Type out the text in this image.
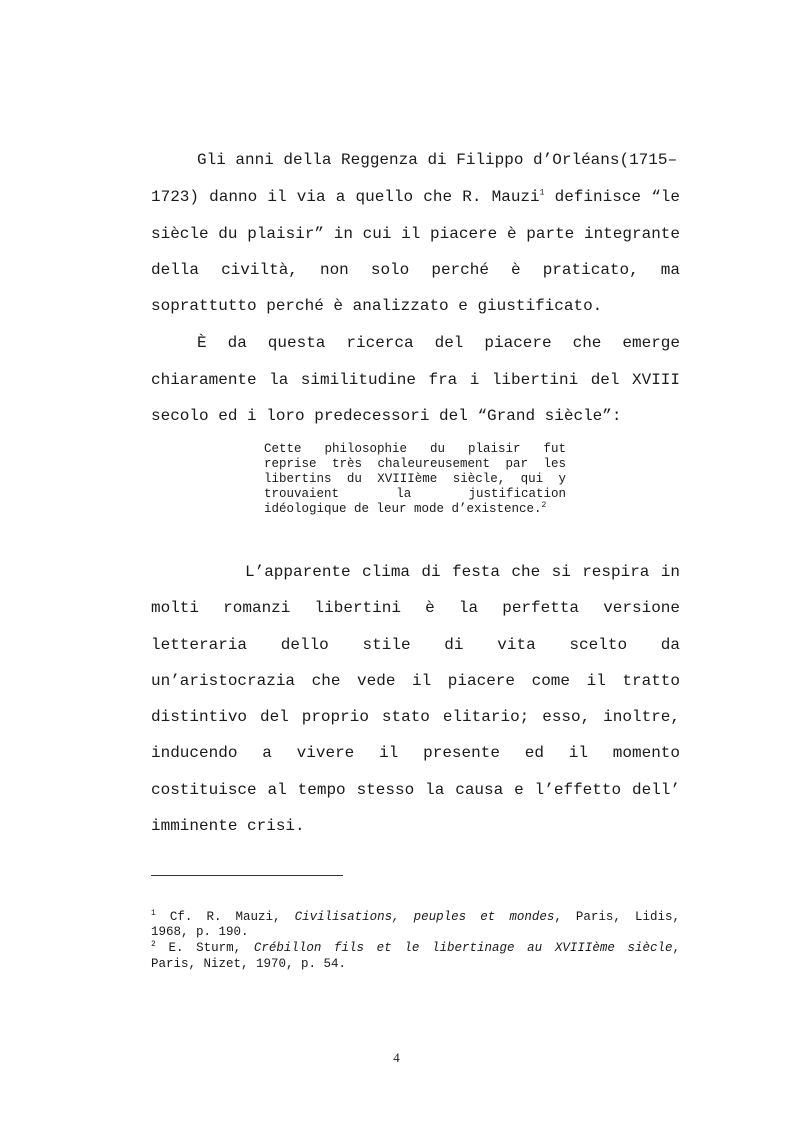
Gli anni della Reggenza di Filippo d’Orléans(1715–
1723) danno il via a quello che R. Mauzi$^1$ definisce “le
siècle du plaisir” in cui il piacere è parte integrante
della civiltà, non solo perché è praticato, ma
soprattutto perché è analizzato e giustificato.
È da questa ricerca del piacere che emerge
chiaramente la similitudine fra i libertini del XVIII
secolo ed i loro predecessori del “Grand siècle”:
Cette philosophie du plaisir fut
reprise très chaleureusement par les
libertins du XVIIIème siècle, qui y
trouvaient la justification
idéologique de leur mode d’existence.$^2$
L’apparente clima di festa che si respira in
molti romanzi libertini è la perfetta versione
letteraria dello stile di vita scelto da
un’aristocrazia che vede il piacere come il tratto
distintivo del proprio stato elitario; esso, inoltre,
inducendo a vivere il presente ed il momento
costituisce al tempo stesso la causa e l’effetto dell’
imminente crisi.
$^1$ Cf. R. Mauzi, Civilisations, peuples et mondes, Paris, Lidis,
1968, p. 190.
$^2$ E. Sturm, Crébillon fils et le libertinage au XVIIIème siècle,
Paris, Nizet, 1970, p. 54.
4
